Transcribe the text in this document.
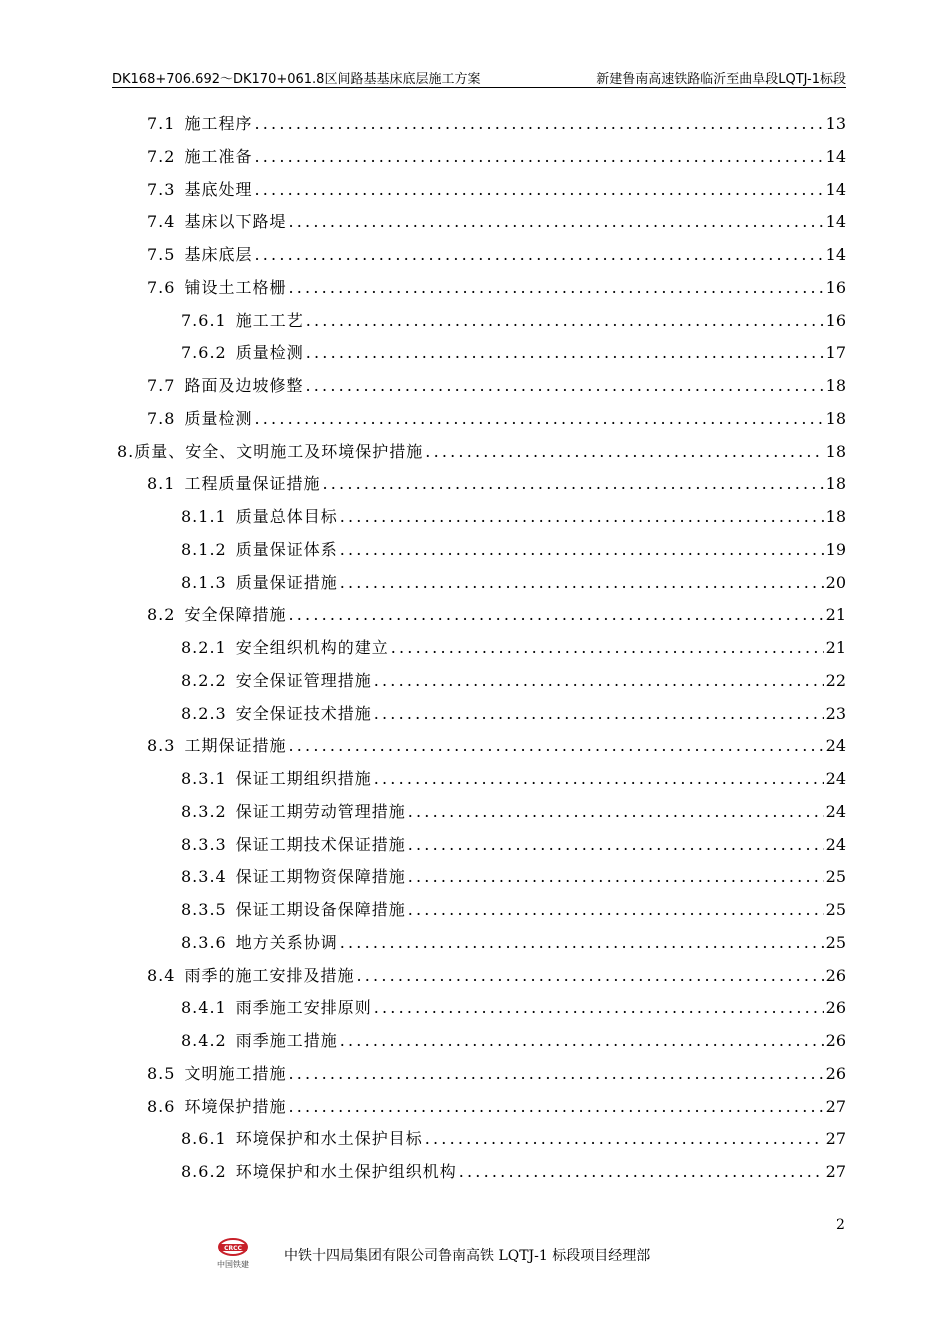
DK168+706.692～DK170+061.8区间路基基床底层施工方案	新建鲁南高速铁路临沂至曲阜段LQTJ-1标段
7.1 施工程序 .....	13
7.2 施工准备 .....	14
7.3 基底处理 .....	14
7.4 基床以下路堤 .....	14
7.5 基床底层 .....	14
7.6 铺设土工格栅 .....	16
7.6.1 施工工艺 .....	16
7.6.2 质量检测 .....	17
7.7 路面及边坡修整 .....	18
7.8 质量检测 .....	18
8. 质量、安全、文明施工及环境保护措施 .....	18
8.1 工程质量保证措施 .....	18
8.1.1 质量总体目标 .....	18
8.1.2 质量保证体系 .....	19
8.1.3 质量保证措施 .....	20
8.2 安全保障措施 .....	21
8.2.1 安全组织机构的建立 .....	21
8.2.2 安全保证管理措施 .....	22
8.2.3 安全保证技术措施 .....	23
8.3 工期保证措施 .....	24
8.3.1 保证工期组织措施 .....	24
8.3.2 保证工期劳动管理措施 .....	24
8.3.3 保证工期技术保证措施 .....	24
8.3.4 保证工期物资保障措施 .....	25
8.3.5 保证工期设备保障措施 .....	25
8.3.6 地方关系协调 .....	25
8.4 雨季的施工安排及措施 .....	26
8.4.1 雨季施工安排原则 .....	26
8.4.2 雨季施工措施 .....	26
8.5 文明施工措施 .....	26
8.6 环境保护措施 .....	27
8.6.1 环境保护和水土保护目标 .....	27
8.6.2 环境保护和水土保护组织机构 .....	27
2
CRCC
中国铁建
中铁十四局集团有限公司鲁南高铁 LQTJ-1 标段项目经理部
